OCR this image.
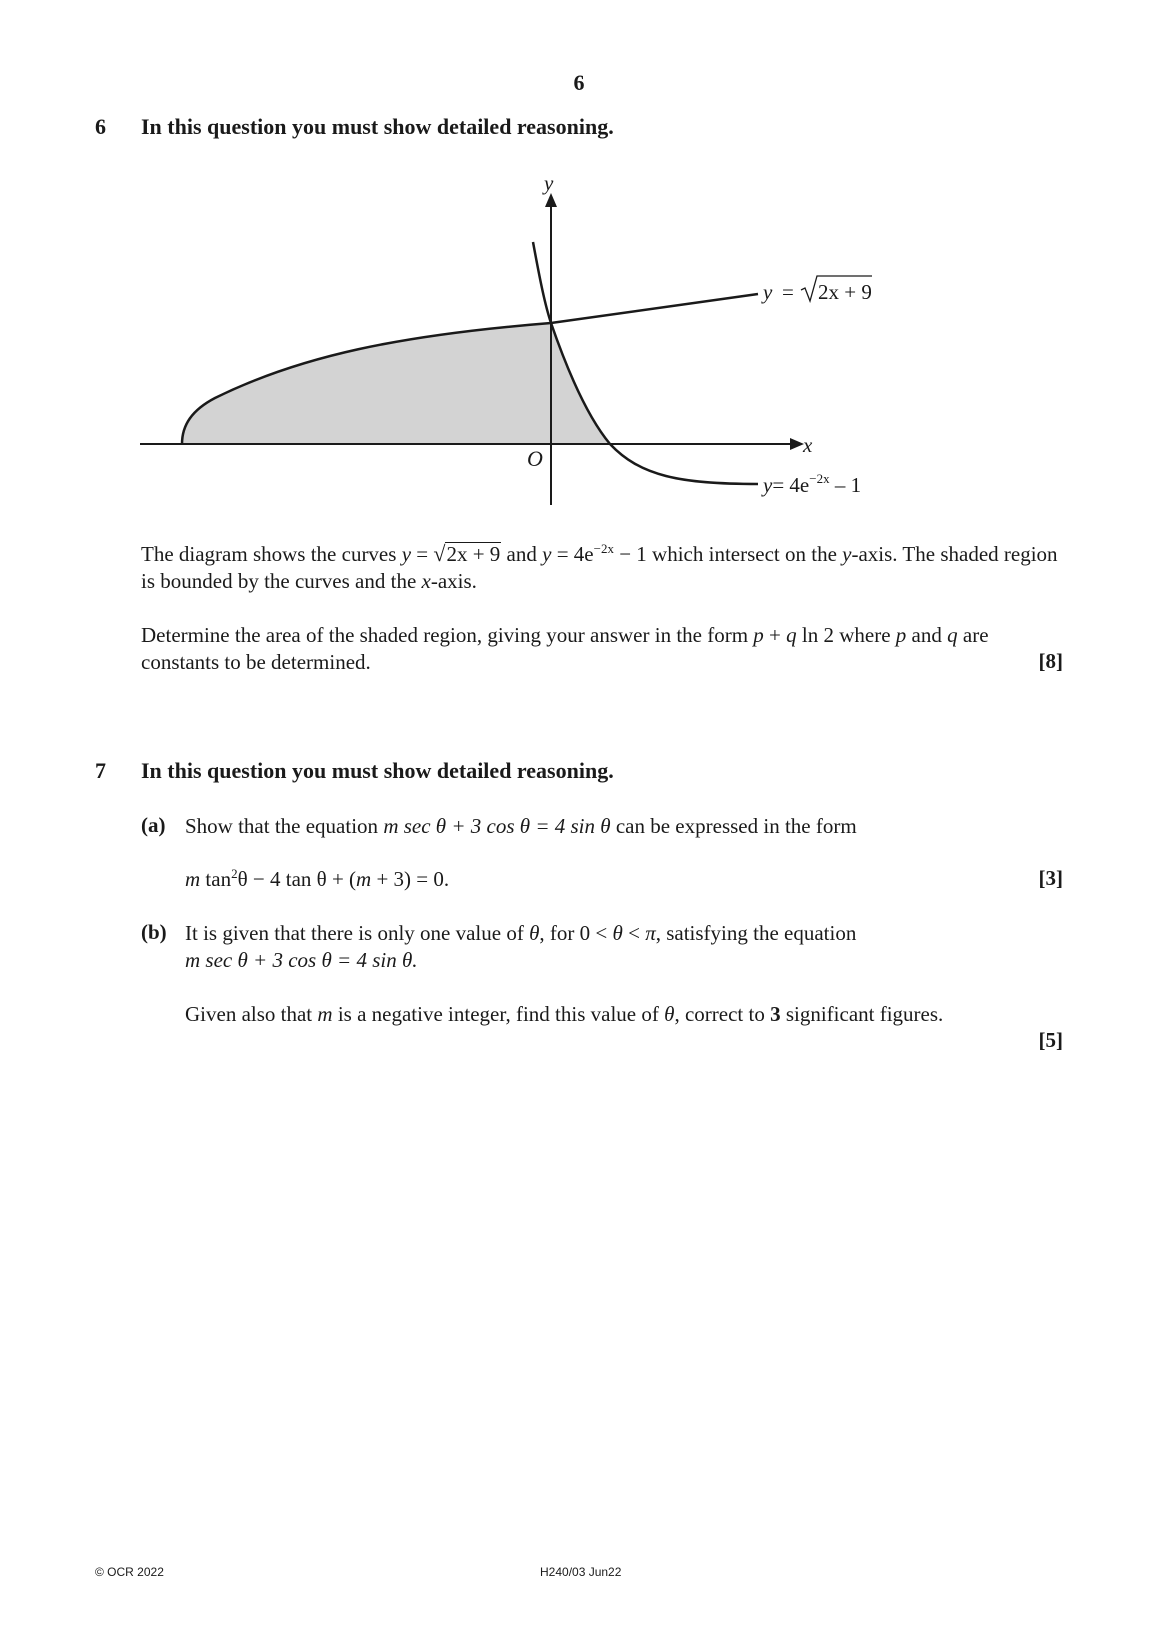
6
6 In this question you must show detailed reasoning.
y
x
O
y = 2x + 9
$y= 4e^{-2x} - 1$
The diagram shows the curves y = √2x + 9 and $y = 4e^{-2x} - 1$ which intersect on the y-axis. The shaded region is bounded by the curves and the x-axis.
Determine the area of the shaded region, giving your answer in the form p + q ln 2 where p and q are constants to be determined.	[8]
7 In this question you must show detailed reasoning.
(a) Show that the equation m sec θ + 3 cos θ = 4 sin θ can be expressed in the form
m $\tan^2\theta - 4$ tan θ + (m + 3) = 0.	[3]
(b) It is given that there is only one value of θ, for 0 < θ < π, satisfying the equation
m sec θ + 3 cos θ = 4 sin θ.
Given also that m is a negative integer, find this value of θ, correct to 3 significant figures.
[5]
© OCR 2022	H240/03 Jun22
